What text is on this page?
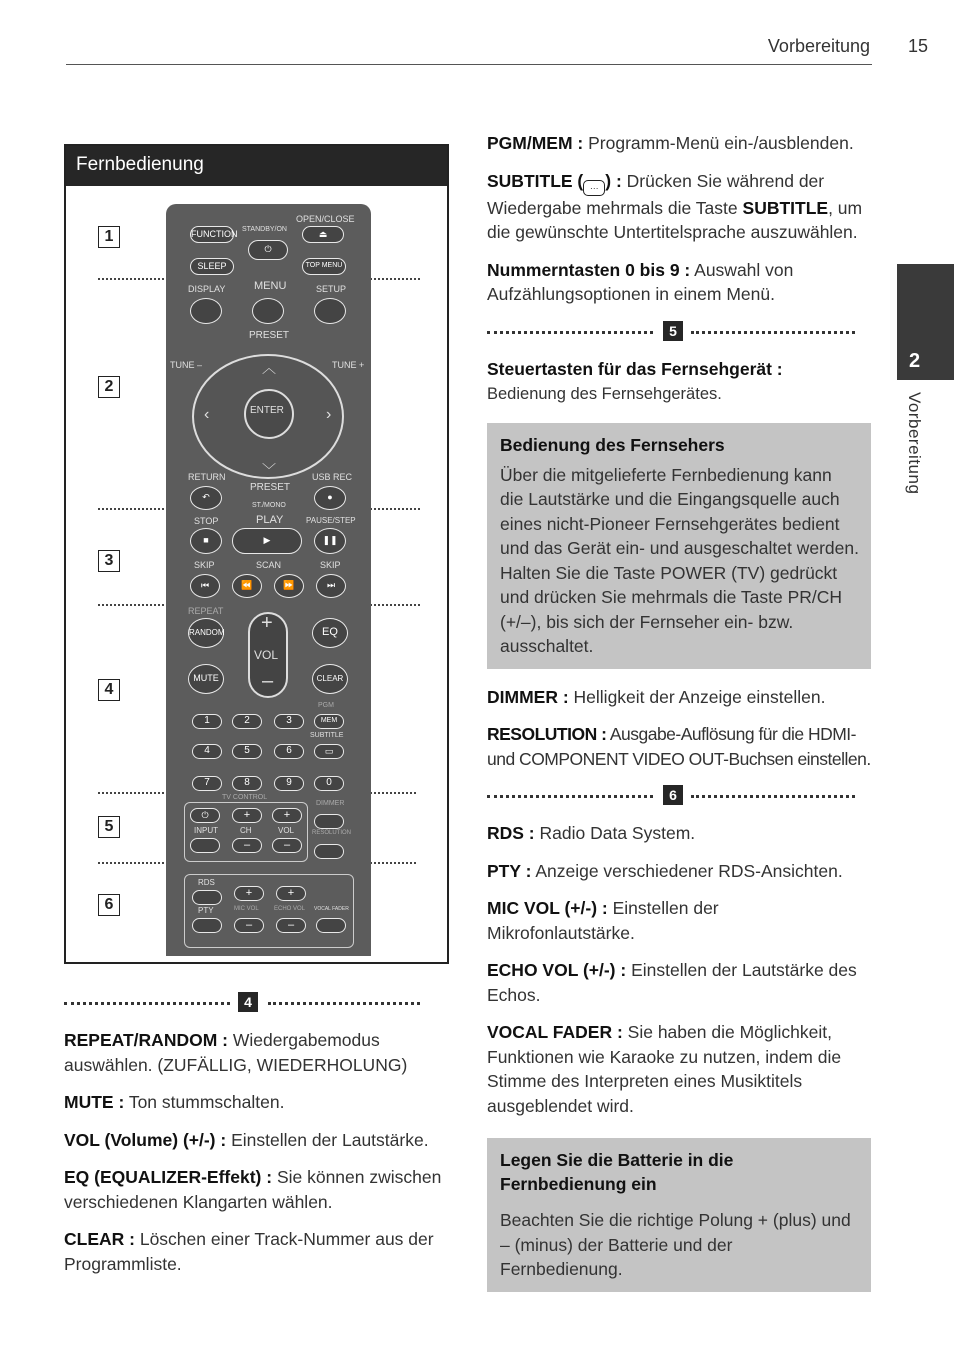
Vorbereitung 15
2
Vorbereitung
Fernbedienung
1
2
3
4
5
6
FUNCTION STANDBY/ON
⏻
OPEN/CLOSE
⏏
SLEEP	TOP MENU
DISPLAY	MENU	SETUP
PRESET
TUNE –	TUNE +
︿
﹀
‹	›
ENTER
RETURN
PRESET
USB REC
↶	●
ST./MONO
STOP	PLAY	PAUSE/STEP
■	▶	❚❚
SKIP	SCAN	SKIP
⏮	⏪	⏩	⏭
REPEAT
RANDOM +
VOL
–
EQ
MUTE	CLEAR
PGM
1	2	3	MEM
SUBTITLE
4	5	6	▭
7	8	9	0
TV CONTROL
DIMMER
⏻	+	+
INPUT	CH	VOL	RESOLUTION
–	–
RDS
+	+
PTY	MIC VOL	ECHO VOL VOCAL FADER
–	–
4

REPEAT/RANDOM : Wiedergabemodus auswählen. (ZUFÄLLIG, WIEDERHOLUNG)

MUTE : Ton stummschalten.

VOL (Volume) (+/-) : Einstellen der Lautstärke.

EQ (EQUALIZER-Effekt) : Sie können zwischen verschiedenen Klangarten wählen.

CLEAR : Löschen einer Track-Nummer aus der Programmliste.

PGM/MEM : Programm-Menü ein-/ausblenden.

SUBTITLE ( … ) : Drücken Sie während der Wiedergabe mehrmals die Taste SUBTITLE, um die gewünschte Untertitelsprache auszuwählen.

Nummerntasten 0 bis 9 : Auswahl von Aufzählungsoptionen in einem Menü.

5

Steuertasten für das Fernsehgerät :
Bedienung des Fernsehgerätes.

Bedienung des Fernsehers

Über die mitgelieferte Fernbedienung kann die Lautstärke und die Eingangsquelle auch eines nicht-Pioneer Fernsehgerätes bedient und das Gerät ein- und ausgeschaltet werden. Halten Sie die Taste POWER (TV) gedrückt und drücken Sie mehrmals die Taste PR/CH (+/–), bis sich der Fernseher ein- bzw. ausschaltet.

DIMMER : Helligkeit der Anzeige einstellen.

RESOLUTION : Ausgabe-Auflösung für die HDMI- und COMPONENT VIDEO OUT-Buchsen einstellen.

6

RDS : Radio Data System.

PTY : Anzeige verschiedener RDS-Ansichten.

MIC VOL (+/-) : Einstellen der Mikrofonlautstärke.

ECHO VOL (+/-) : Einstellen der Lautstärke des Echos.

VOCAL FADER : Sie haben die Möglichkeit, Funktionen wie Karaoke zu nutzen, indem die Stimme des Interpreten eines Musiktitels ausgeblendet wird.

Legen Sie die Batterie in die Fernbedienung ein

Beachten Sie die richtige Polung + (plus) und – (minus) der Batterie und der Fernbedienung.
